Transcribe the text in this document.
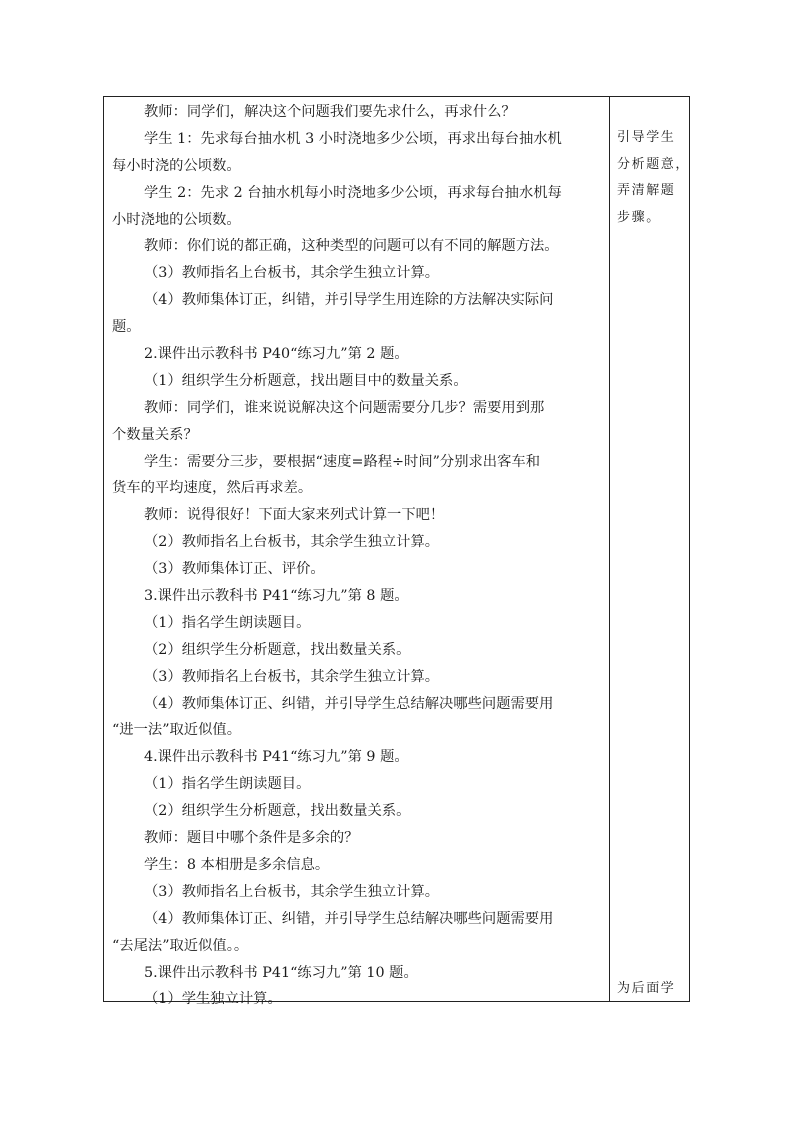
教师：同学们，解决这个问题我们要先求什么，再求什么？
学生 1：先求每台抽水机 3 小时浇地多少公顷，再求出每台抽水机
每小时浇的公顷数。
学生 2：先求 2 台抽水机每小时浇地多少公顷，再求每台抽水机每
小时浇地的公顷数。
教师：你们说的都正确，这种类型的问题可以有不同的解题方法。
（3）教师指名上台板书，其余学生独立计算。
（4）教师集体订正，纠错，并引导学生用连除的方法解决实际问
题。
2.课件出示教科书 P40“练习九”第 2 题。
（1）组织学生分析题意，找出题目中的数量关系。
教师：同学们，谁来说说解决这个问题需要分几步？需要用到那
个数量关系？
学生：需要分三步，要根据“速度=路程÷时间”分别求出客车和
货车的平均速度，然后再求差。
教师：说得很好！下面大家来列式计算一下吧！
（2）教师指名上台板书，其余学生独立计算。
（3）教师集体订正、评价。
3.课件出示教科书 P41“练习九”第 8 题。
（1）指名学生朗读题目。
（2）组织学生分析题意，找出数量关系。
（3）教师指名上台板书，其余学生独立计算。
（4）教师集体订正、纠错，并引导学生总结解决哪些问题需要用
“进一法”取近似值。
4.课件出示教科书 P41“练习九”第 9 题。
（1）指名学生朗读题目。
（2）组织学生分析题意，找出数量关系。
教师：题目中哪个条件是多余的？
学生：8 本相册是多余信息。
（3）教师指名上台板书，其余学生独立计算。
（4）教师集体订正、纠错，并引导学生总结解决哪些问题需要用
“去尾法”取近似值。。
5.课件出示教科书 P41“练习九”第 10 题。
（1）学生独立计算。
引导学生
分析题意，
弄清解题
步骤。
为后面学
